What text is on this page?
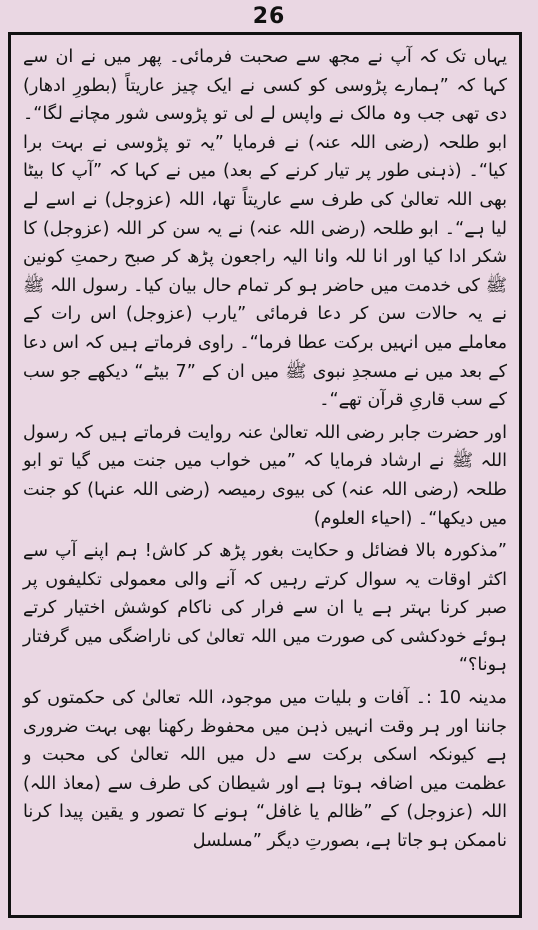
26

یہاں تک کہ آپ نے مجھ سے صحبت فرمائی۔ پھر میں نے ان سے کہا کہ ”ہمارے پڑوسی کو کسی نے ایک چیز عاریتاً (بطورِ ادھار) دی تھی جب وہ مالک نے واپس لے لی تو پڑوسی شور مچانے لگا“۔ ابو طلحہ (رضی اللہ عنہ) نے فرمایا ”یہ تو پڑوسی نے بہت برا کیا“۔ (ذہنی طور پر تیار کرنے کے بعد) میں نے کہا کہ ”آپ کا بیٹا بھی اللہ تعالیٰ کی طرف سے عاریتاً تھا، اللہ (عزوجل) نے اسے لے لیا ہے“۔ ابو طلحہ (رضی اللہ عنہ) نے یہ سن کر اللہ (عزوجل) کا شکر ادا کیا اور انا للہ وانا الیہ راجعون پڑھ کر صبح رحمتِ کونین ﷺ کی خدمت میں حاضر ہو کر تمام حال بیان کیا۔ رسول اللہ ﷺ نے یہ حالات سن کر دعا فرمائی ”یارب (عزوجل) اس رات کے معاملے میں انہیں برکت عطا فرما“۔ راوی فرماتے ہیں کہ اس دعا کے بعد میں نے مسجدِ نبوی ﷺ میں ان کے ”7 بیٹے“ دیکھے جو سب کے سب قاریِ قرآن تھے“۔

اور حضرت جابر رضی اللہ تعالیٰ عنہ روایت فرماتے ہیں کہ رسول اللہ ﷺ نے ارشاد فرمایا کہ ”میں خواب میں جنت میں گیا تو ابو طلحہ (رضی اللہ عنہ) کی بیوی رمیصہ (رضی اللہ عنہا) کو جنت میں دیکھا“۔ (احیاء العلوم)

”مذکورہ بالا فضائل و حکایت بغور پڑھ کر کاش! ہم اپنے آپ سے اکثر اوقات یہ سوال کرتے رہیں کہ آنے والی معمولی تکلیفوں پر صبر کرنا بہتر ہے یا ان سے فرار کی ناکام کوشش اختیار کرتے ہوئے خودکشی کی صورت میں اللہ تعالیٰ کی ناراضگی میں گرفتار ہونا؟“

مدینہ 10 :۔ آفات و بلیات میں موجود، اللہ تعالیٰ کی حکمتوں کو جاننا اور ہر وقت انہیں ذہن میں محفوظ رکھنا بھی بہت ضروری ہے کیونکہ اسکی برکت سے دل میں اللہ تعالیٰ کی محبت و عظمت میں اضافہ ہوتا ہے اور شیطان کی طرف سے (معاذ اللہ) اللہ (عزوجل) کے ”ظالم یا غافل“ ہونے کا تصور و یقین پیدا کرنا ناممکن ہو جاتا ہے، بصورتِ دیگر ”مسلسل
